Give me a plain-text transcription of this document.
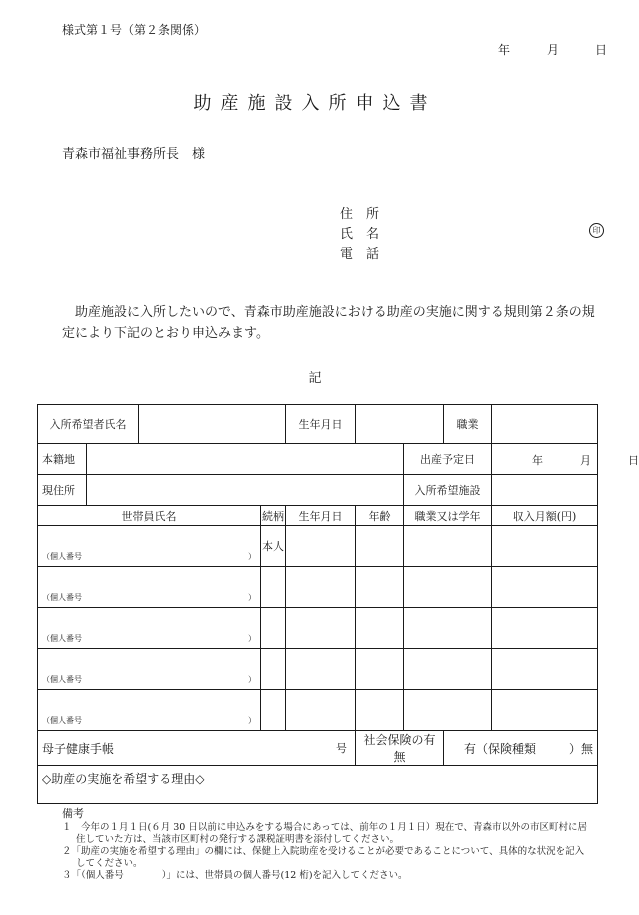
様式第１号（第２条関係）
年	月	日
助産施設入所申込書
青森市福祉事務所長　様
住　所
氏　名	印
電　話
助産施設に入所したいので、青森市助産施設における助産の実施に関する規則第２条の規定により下記のとおり申込みます。
記
入所希望者氏名				生年月日			職業	
本籍地						出産予定日		年 月 日

現住所						入所希望施設		
世帯員氏名			続柄	生年月日	年齢	職業又は学年		収入月額(円)

（個人番号 ）			本人					

（個人番号 ）								

（個人番号 ）								

（個人番号 ）								

（個人番号 ）								

母子健康手帳		号			社会保険の有無		有（保険種類 ）無	

◇助産の実施を希望する理由◇								
備考
１　今年の１月１日(６月 30 日以前に申込みをする場合にあっては、前年の１月１日）現在で、青森市以外の市区町村に居住していた方は、当該市区町村の発行する課税証明書を添付してください。
２「助産の実施を希望する理由」の欄には、保健上入院助産を受けることが必要であることについて、具体的な状況を記入してください。
３「（個人番号　　　　）」には、世帯員の個人番号(12 桁)を記入してください。
